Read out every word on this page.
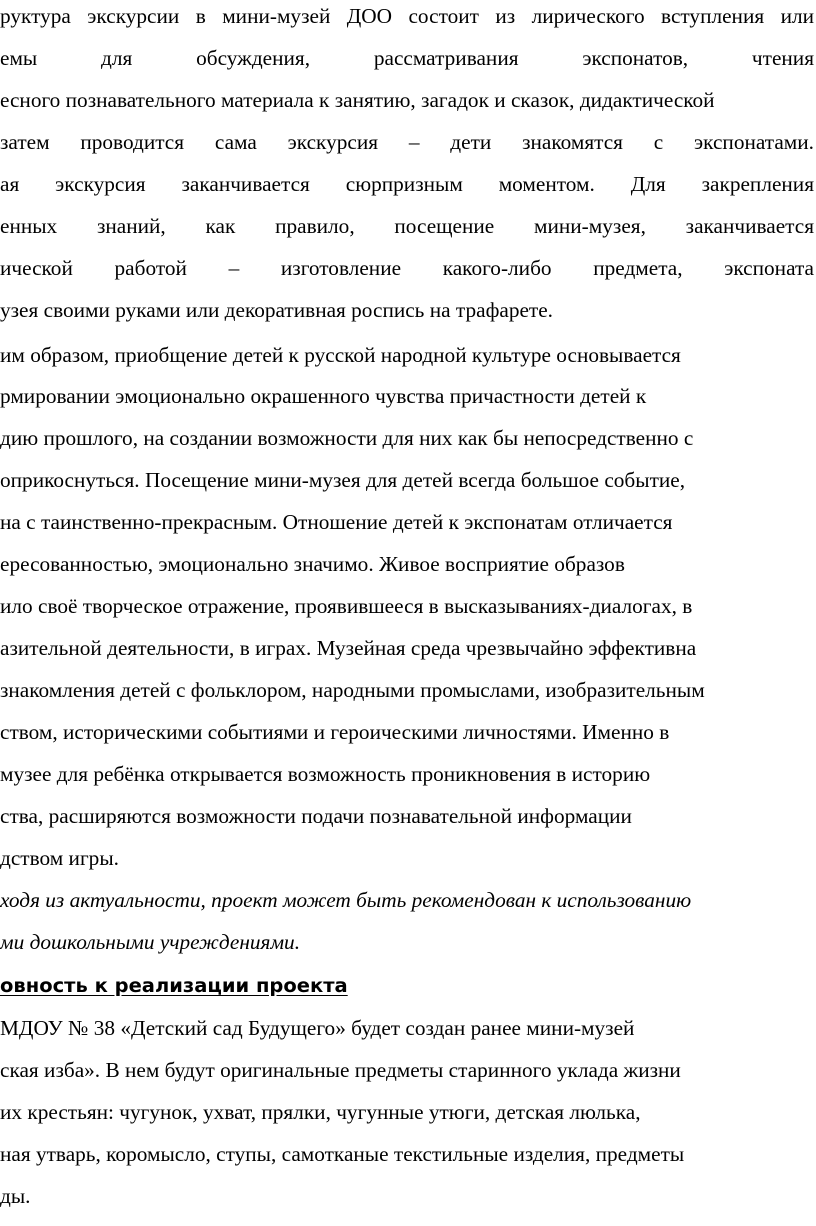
руктура экскурсии в мини-музей ДОО состоит из лирического вступления или
емы для обсуждения, рассматривания экспонатов, чтения
есного познавательного материала к занятию, загадок и сказок, дидактической
затем проводится сама экскурсия – дети знакомятся с экспонатами.
ая экскурсия заканчивается сюрпризным моментом. Для закрепления
енных знаний, как правило, посещение мини-музея, заканчивается
ической работой – изготовление какого-либо предмета, экспоната
узея своими руками или декоративная роспись на трафарете.
им образом, приобщение детей к русской народной культуре основывается
рмировании эмоционально окрашенного чувства причастности детей к
дию прошлого, на создании возможности для них как бы непосредственно с
оприкоснуться. Посещение мини-музея для детей всегда большое событие,
на с таинственно-прекрасным. Отношение детей к экспонатам отличается
ересованностью, эмоционально значимо. Живое восприятие образов
ило своё творческое отражение, проявившееся в высказываниях-диалогах, в
азительной деятельности, в играх. Музейная среда чрезвычайно эффективна
знакомления детей с фольклором, народными промыслами, изобразительным
ством, историческими событиями и героическими личностями. Именно в
музее для ребёнка открывается возможность проникновения в историю
ства, расширяются возможности подачи познавательной информации
дством игры.
ходя из актуальности, проект может быть рекомендован к использованию
ми дошкольными учреждениями.
овность к реализации проекта
МДОУ № 38 «Детский сад Будущего» будет создан ранее мини-музей
ская изба». В нем будут оригинальные предметы старинного уклада жизни
их крестьян: чугунок, ухват, прялки, чугунные утюги, детская люлька,
ная утварь, коромысло, ступы, самотканые текстильные изделия, предметы
ды.
